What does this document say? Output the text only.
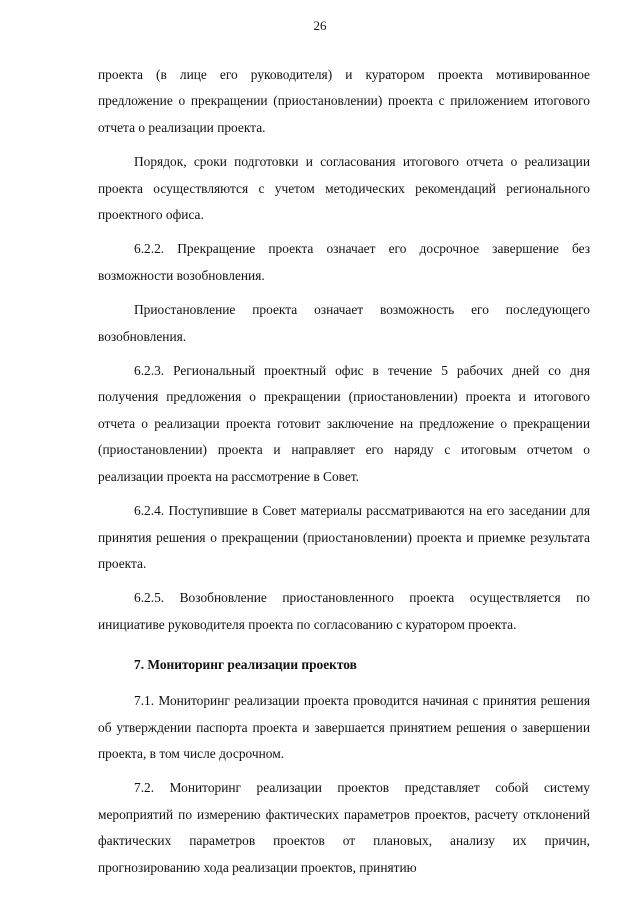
26

проекта (в лице его руководителя) и куратором проекта мотивированное предложение о прекращении (приостановлении) проекта с приложением итогового отчета о реализации проекта.

Порядок, сроки подготовки и согласования итогового отчета о реализации проекта осуществляются с учетом методических рекомендаций регионального проектного офиса.

6.2.2. Прекращение проекта означает его досрочное завершение без возможности возобновления.

Приостановление проекта означает возможность его последующего возобновления.

6.2.3. Региональный проектный офис в течение 5 рабочих дней со дня получения предложения о прекращении (приостановлении) проекта и итогового отчета о реализации проекта готовит заключение на предложение о прекращении (приостановлении) проекта и направляет его наряду с итоговым отчетом о реализации проекта на рассмотрение в Совет.

6.2.4. Поступившие в Совет материалы рассматриваются на его заседании для принятия решения о прекращении (приостановлении) проекта и приемке результата проекта.

6.2.5. Возобновление приостановленного проекта осуществляется по инициативе руководителя проекта по согласованию с куратором проекта.

7. Мониторинг реализации проектов

7.1. Мониторинг реализации проекта проводится начиная с принятия решения об утверждении паспорта проекта и завершается принятием решения о завершении проекта, в том числе досрочном.

7.2. Мониторинг реализации проектов представляет собой систему мероприятий по измерению фактических параметров проектов, расчету отклонений фактических параметров проектов от плановых, анализу их причин, прогнозированию хода реализации проектов, принятию
